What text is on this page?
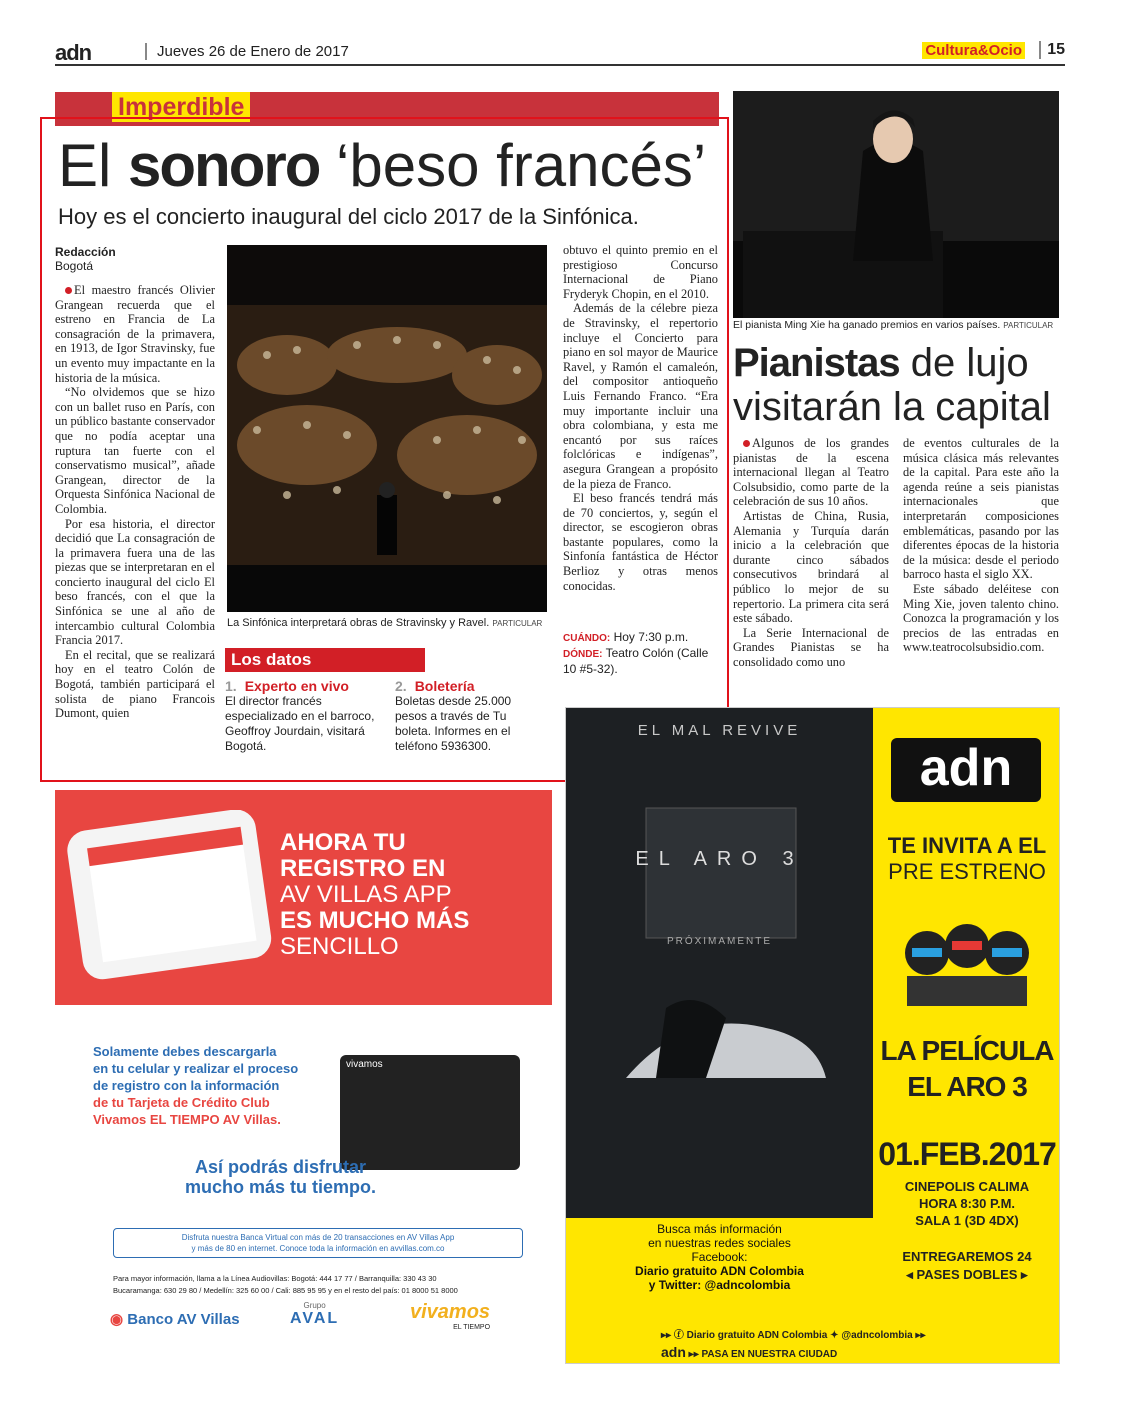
adn	Jueves 26 de Enero de 2017	Cultura&Ocio	15
Imperdible
El sonoro ‘beso francés’
Hoy es el concierto inaugural del ciclo 2017 de la Sinfónica.
Redacción
Bogotá

El maestro francés Olivier Grangean recuerda que el estreno en Francia de La consagración de la primavera, en 1913, de Igor Stravinsky, fue un evento muy impactante en la historia de la música.

“No olvidemos que se hizo con un ballet ruso en París, con un público bastante conservador que no podía aceptar una ruptura tan fuerte con el conservatismo musical”, añade Grangean, director de la Orquesta Sinfónica Nacional de Colombia.

Por esa historia, el director decidió que La consagración de la primavera fuera una de las piezas que se interpretaran en el concierto inaugural del ciclo El beso francés, con el que la Sinfónica se une al año de intercambio cultural Colombia Francia 2017.

En el recital, que se realizará hoy en el teatro Colón de Bogotá, también participará el solista de piano Francois Dumont, quien

La Sinfónica interpretará obras de Stravinsky y Ravel. PARTICULAR
Los datos
1. Experto en vivo
El director francés especializado en el barroco, Geoffroy Jourdain, visitará Bogotá.
2. Boletería
Boletas desde 25.000 pesos a través de Tu boleta. Informes en el teléfono 5936300.

obtuvo el quinto premio en el prestigioso Concurso Internacional de Piano Fryderyk Chopin, en el 2010.

Además de la célebre pieza de Stravinsky, el repertorio incluye el Concierto para piano en sol mayor de Maurice Ravel, y Ramón el camaleón, del compositor antioqueño Luis Fernando Franco. “Era muy importante incluir una obra colombiana, y esta me encantó por sus raíces folclóricas e indígenas”, asegura Grangean a propósito de la pieza de Franco.

El beso francés tendrá más de 70 conciertos, y, según el director, se escogieron obras bastante populares, como la Sinfonía fantástica de Héctor Berlioz y otras menos conocidas.

CUÁNDO: Hoy 7:30 p.m.
DÓNDE: Teatro Colón (Calle 10 #5-32).
El pianista Ming Xie ha ganado premios en varios países. PARTICULAR
Pianistas de lujo
visitarán la capital

Algunos de los grandes pianistas de la escena internacional llegan al Teatro Colsubsidio, como parte de la celebración de sus 10 años.

Artistas de China, Rusia, Alemania y Turquía darán inicio a la celebración que durante cinco sábados consecutivos brindará al público lo mejor de su repertorio. La primera cita será este sábado.

La Serie Internacional de Grandes Pianistas se ha consolidado como uno

de eventos culturales de la música clásica más relevantes de la capital. Para este año la agenda reúne a seis pianistas internacionales que interpretarán composiciones emblemáticas, pasando por las diferentes épocas de la historia de la música: desde el periodo barroco hasta el siglo XX.

Este sábado deléitese con Ming Xie, joven talento chino. Conozca la programación y los precios de las entradas en www.teatrocolsubsidio.com.

AHORA TU
REGISTRO EN
AV VILLAS APP
ES MUCHO MÁS
SENCILLO
Solamente debes descargarla
en tu celular y realizar el proceso
de registro con la información
de tu Tarjeta de Crédito Club
Vivamos EL TIEMPO AV Villas.
vivamos
Así podrás disfrutar
mucho más tu tiempo.
Disfruta nuestra Banca Virtual con más de 20 transacciones en AV Villas App
y más de 80 en internet. Conoce toda la información en avvillas.com.co
Para mayor información, llama a la Línea Audiovillas: Bogotá: 444 17 77 / Barranquilla: 330 43 30
Bucaramanga: 630 29 80 / Medellín: 325 60 00 / Cali: 885 95 95 y en el resto del país: 01 8000 51 8000
◉ Banco AV Villas
Grupo
AVAL	vivamos
EL TIEMPO
EL MAL REVIVE
EL ARO 3
PRÓXIMAMENTE
Busca más información
en nuestras redes sociales
Facebook:
Diario gratuito ADN Colombia
y Twitter: @adncolombia
adn
TE INVITA A EL
PRE ESTRENO
LA PELÍCULA
EL ARO 3
01.FEB.2017
CINEPOLIS CALIMA
HORA 8:30 P.M.
SALA 1 (3D 4DX)
ENTREGAREMOS 24
◂ PASES DOBLES ▸
▸▸ ⓕ Diario gratuito ADN Colombia ✦ @adncolombia ▸▸
adn ▸▸ PASA EN NUESTRA CIUDAD
